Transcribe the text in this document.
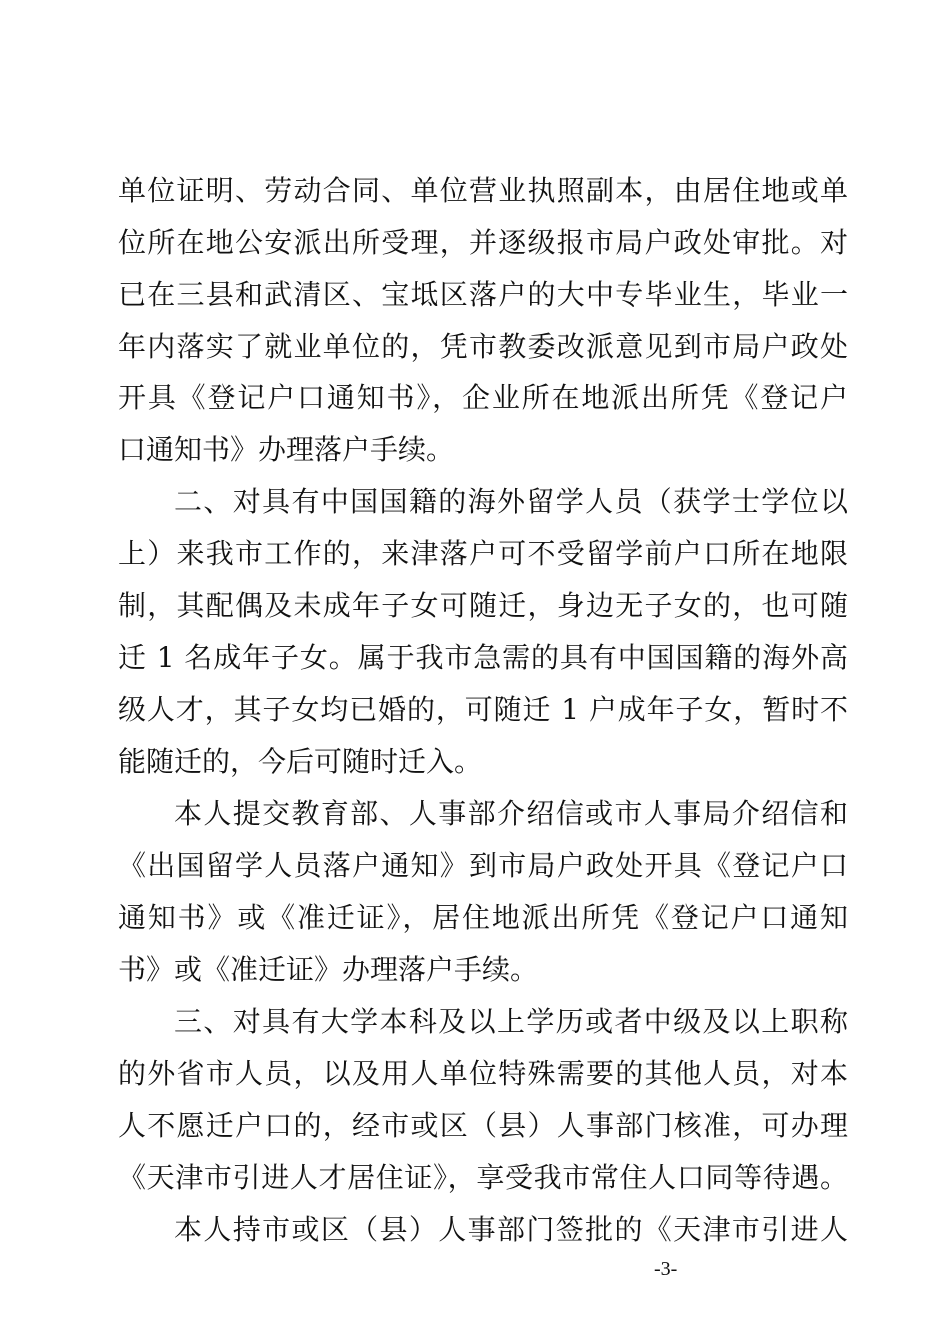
单位证明、劳动合同、单位营业执照副本，由居住地或单
位所在地公安派出所受理，并逐级报市局户政处审批。对
已在三县和武清区、宝坻区落户的大中专毕业生，毕业一
年内落实了就业单位的，凭市教委改派意见到市局户政处
开具《登记户口通知书》，企业所在地派出所凭《登记户
口通知书》办理落户手续。
二、对具有中国国籍的海外留学人员（获学士学位以
上）来我市工作的，来津落户可不受留学前户口所在地限
制，其配偶及未成年子女可随迁，身边无子女的，也可随
迁 1 名成年子女。属于我市急需的具有中国国籍的海外高
级人才，其子女均已婚的，可随迁 1 户成年子女，暂时不
能随迁的，今后可随时迁入。
本人提交教育部、人事部介绍信或市人事局介绍信和
《出国留学人员落户通知》到市局户政处开具《登记户口
通知书》或《准迁证》，居住地派出所凭《登记户口通知
书》或《准迁证》办理落户手续。
三、对具有大学本科及以上学历或者中级及以上职称
的外省市人员，以及用人单位特殊需要的其他人员，对本
人不愿迁户口的，经市或区（县）人事部门核准，可办理
《天津市引进人才居住证》，享受我市常住人口同等待遇。
本人持市或区（县）人事部门签批的《天津市引进人
-3-
